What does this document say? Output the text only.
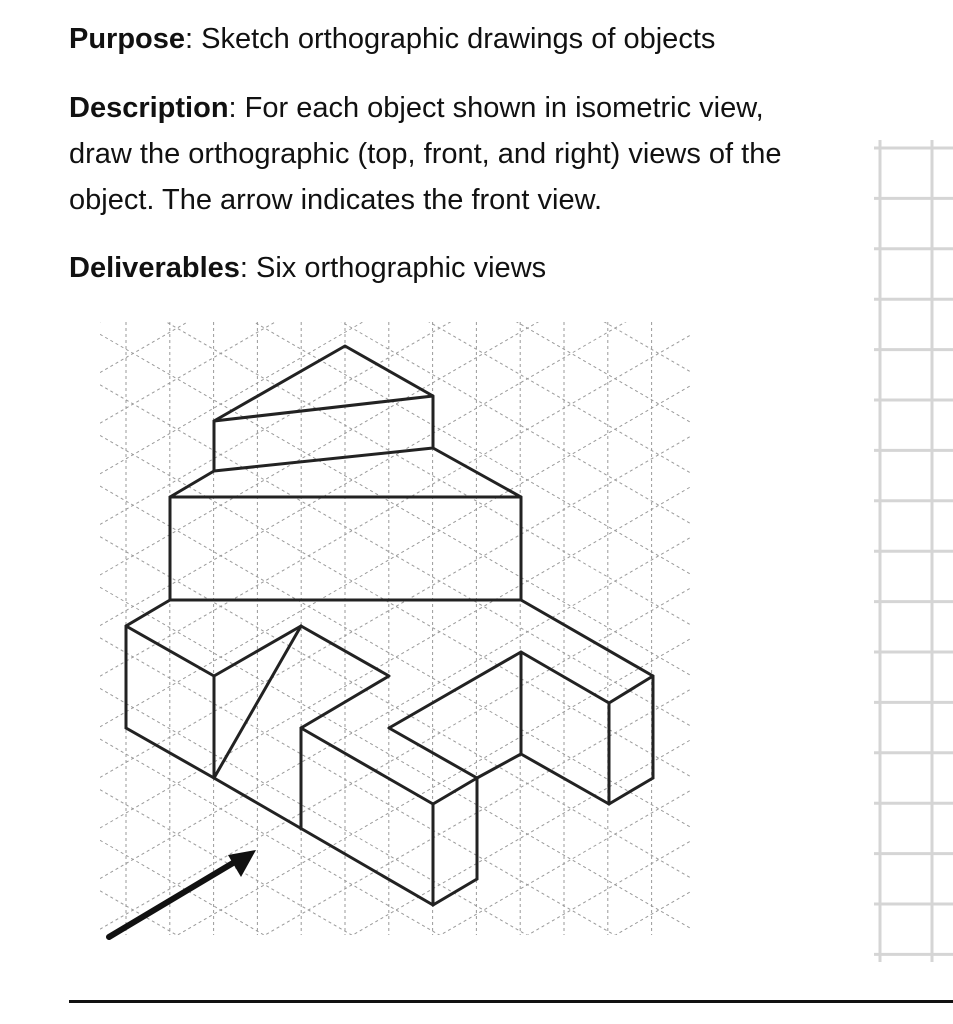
Purpose: Sketch orthographic drawings of objects

Description: For each object shown in isometric view, draw the orthographic (top, front, and right) views of the object. The arrow indicates the front view.

Deliverables: Six orthographic views
